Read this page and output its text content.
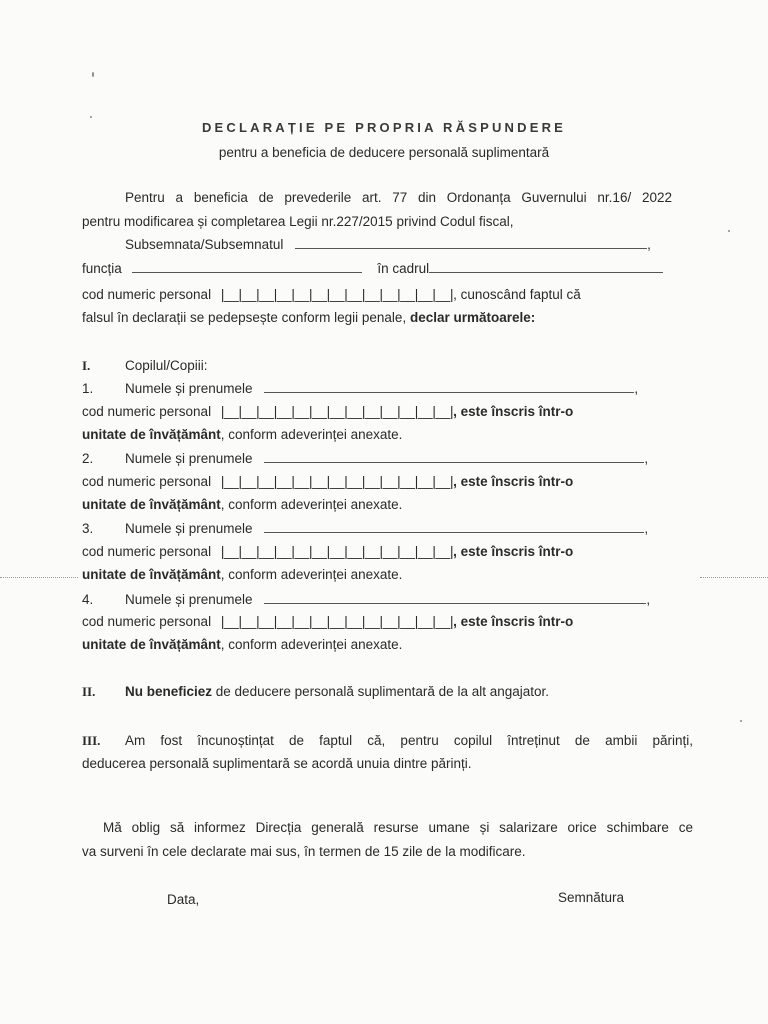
DECLARAȚIE PE PROPRIA RĂSPUNDERE
pentru a beneficia de deducere personală suplimentară
Pentru a beneficia de prevederile art. 77 din Ordonanța Guvernului nr.16/ 2022
pentru modificarea și completarea Legii nr.227/2015 privind Codul fiscal,
Subsemnata/Subsemnatul	,
funcția	în cadrul
cod numeric personal |__|__|__|__|__|__|__|__|__|__|__|__|__|, cunoscând faptul că
falsul în declarații se pedepsește conform legii penale, declar următoarele:
I.	Copilul/Copiii:
1. Numele și prenumele	,
cod numeric personal |__|__|__|__|__|__|__|__|__|__|__|__|__|, este înscris într-o
unitate de învățământ, conform adeverinței anexate.
2. Numele și prenumele	,
cod numeric personal |__|__|__|__|__|__|__|__|__|__|__|__|__|, este înscris într-o
unitate de învățământ, conform adeverinței anexate.
3. Numele și prenumele	,
cod numeric personal |__|__|__|__|__|__|__|__|__|__|__|__|__|, este înscris într-o
unitate de învățământ, conform adeverinței anexate.
4. Numele și prenumele	,
cod numeric personal |__|__|__|__|__|__|__|__|__|__|__|__|__|, este înscris într-o
unitate de învățământ, conform adeverinței anexate.
II. Nu beneficiez de deducere personală suplimentară de la alt angajator.
III. Am fost încunoștințat de faptul că, pentru copilul întreținut de ambii părinți,
deducerea personală suplimentară se acordă unuia dintre părinți.
Mă oblig să informez Direcția generală resurse umane și salarizare orice schimbare ce
va surveni în cele declarate mai sus, în termen de 15 zile de la modificare.
Data,	Semnătura
